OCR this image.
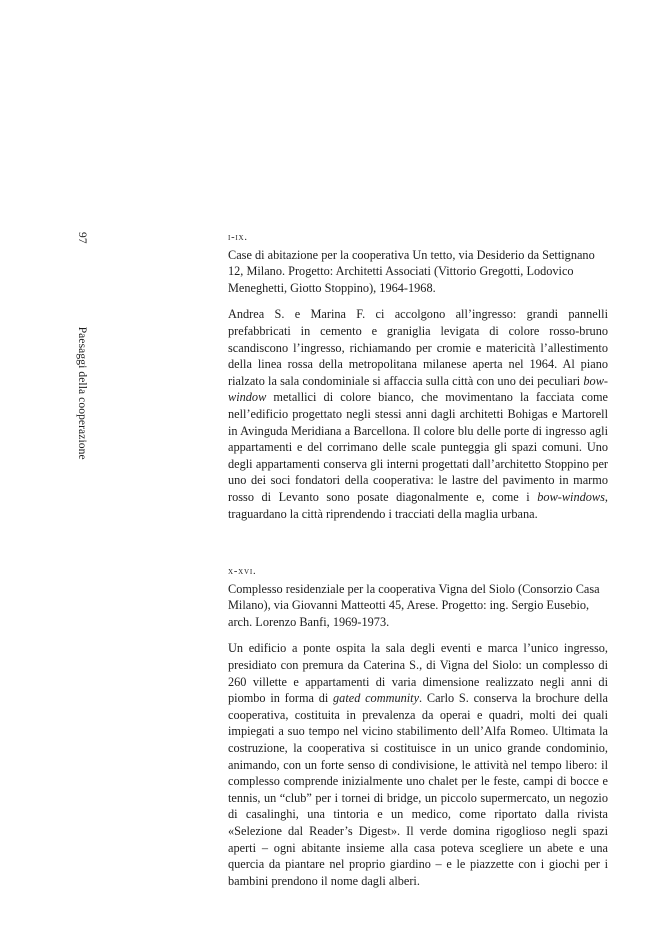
97 Paesaggi della cooperazione
i-ix.

Case di abitazione per la cooperativa Un tetto, via Desiderio da Settignano 12, Milano. Progetto: Architetti Associati (Vittorio Gregotti, Lodovico Meneghetti, Giotto Stoppino), 1964-1968.

Andrea S. e Marina F. ci accolgono all’ingresso: grandi pannelli prefabbricati in cemento e graniglia levigata di colore rosso-bruno scandiscono l’ingresso, richiamando per cromie e matericità l’allestimento della linea rossa della metropolitana milanese aperta nel 1964. Al piano rialzato la sala condominiale si affaccia sulla città con uno dei peculiari bow-window metallici di colore bianco, che movimentano la facciata come nell’edificio progettato negli stessi anni dagli architetti Bohigas e Martorell in Avinguda Meridiana a Barcellona. Il colore blu delle porte di ingresso agli appartamenti e del corrimano delle scale punteggia gli spazi comuni. Uno degli appartamenti conserva gli interni progettati dall’architetto Stoppino per uno dei soci fondatori della cooperativa: le lastre del pavimento in marmo rosso di Levanto sono posate diagonalmente e, come i bow-windows, traguardano la città riprendendo i tracciati della maglia urbana.

x-xvi.

Complesso residenziale per la cooperativa Vigna del Siolo (Consorzio Casa Milano), via Giovanni Matteotti 45, Arese. Progetto: ing. Sergio Eusebio, arch. Lorenzo Banfi, 1969-1973.

Un edificio a ponte ospita la sala degli eventi e marca l’unico ingresso, presidiato con premura da Caterina S., di Vigna del Siolo: un complesso di 260 villette e appartamenti di varia dimensione realizzato negli anni di piombo in forma di gated community. Carlo S. conserva la brochure della cooperativa, costituita in prevalenza da operai e quadri, molti dei quali impiegati a suo tempo nel vicino stabilimento dell’Alfa Romeo. Ultimata la costruzione, la cooperativa si costituisce in un unico grande condominio, animando, con un forte senso di condivisione, le attività nel tempo libero: il complesso comprende inizialmente uno chalet per le feste, campi di bocce e tennis, un “club” per i tornei di bridge, un piccolo supermercato, un negozio di casalinghi, una tintoria e un medico, come riportato dalla rivista «Selezione dal Reader’s Digest». Il verde domina rigoglioso negli spazi aperti – ogni abitante insieme alla casa poteva scegliere un abete e una quercia da piantare nel proprio giardino – e le piazzette con i giochi per i bambini prendono il nome dagli alberi.
